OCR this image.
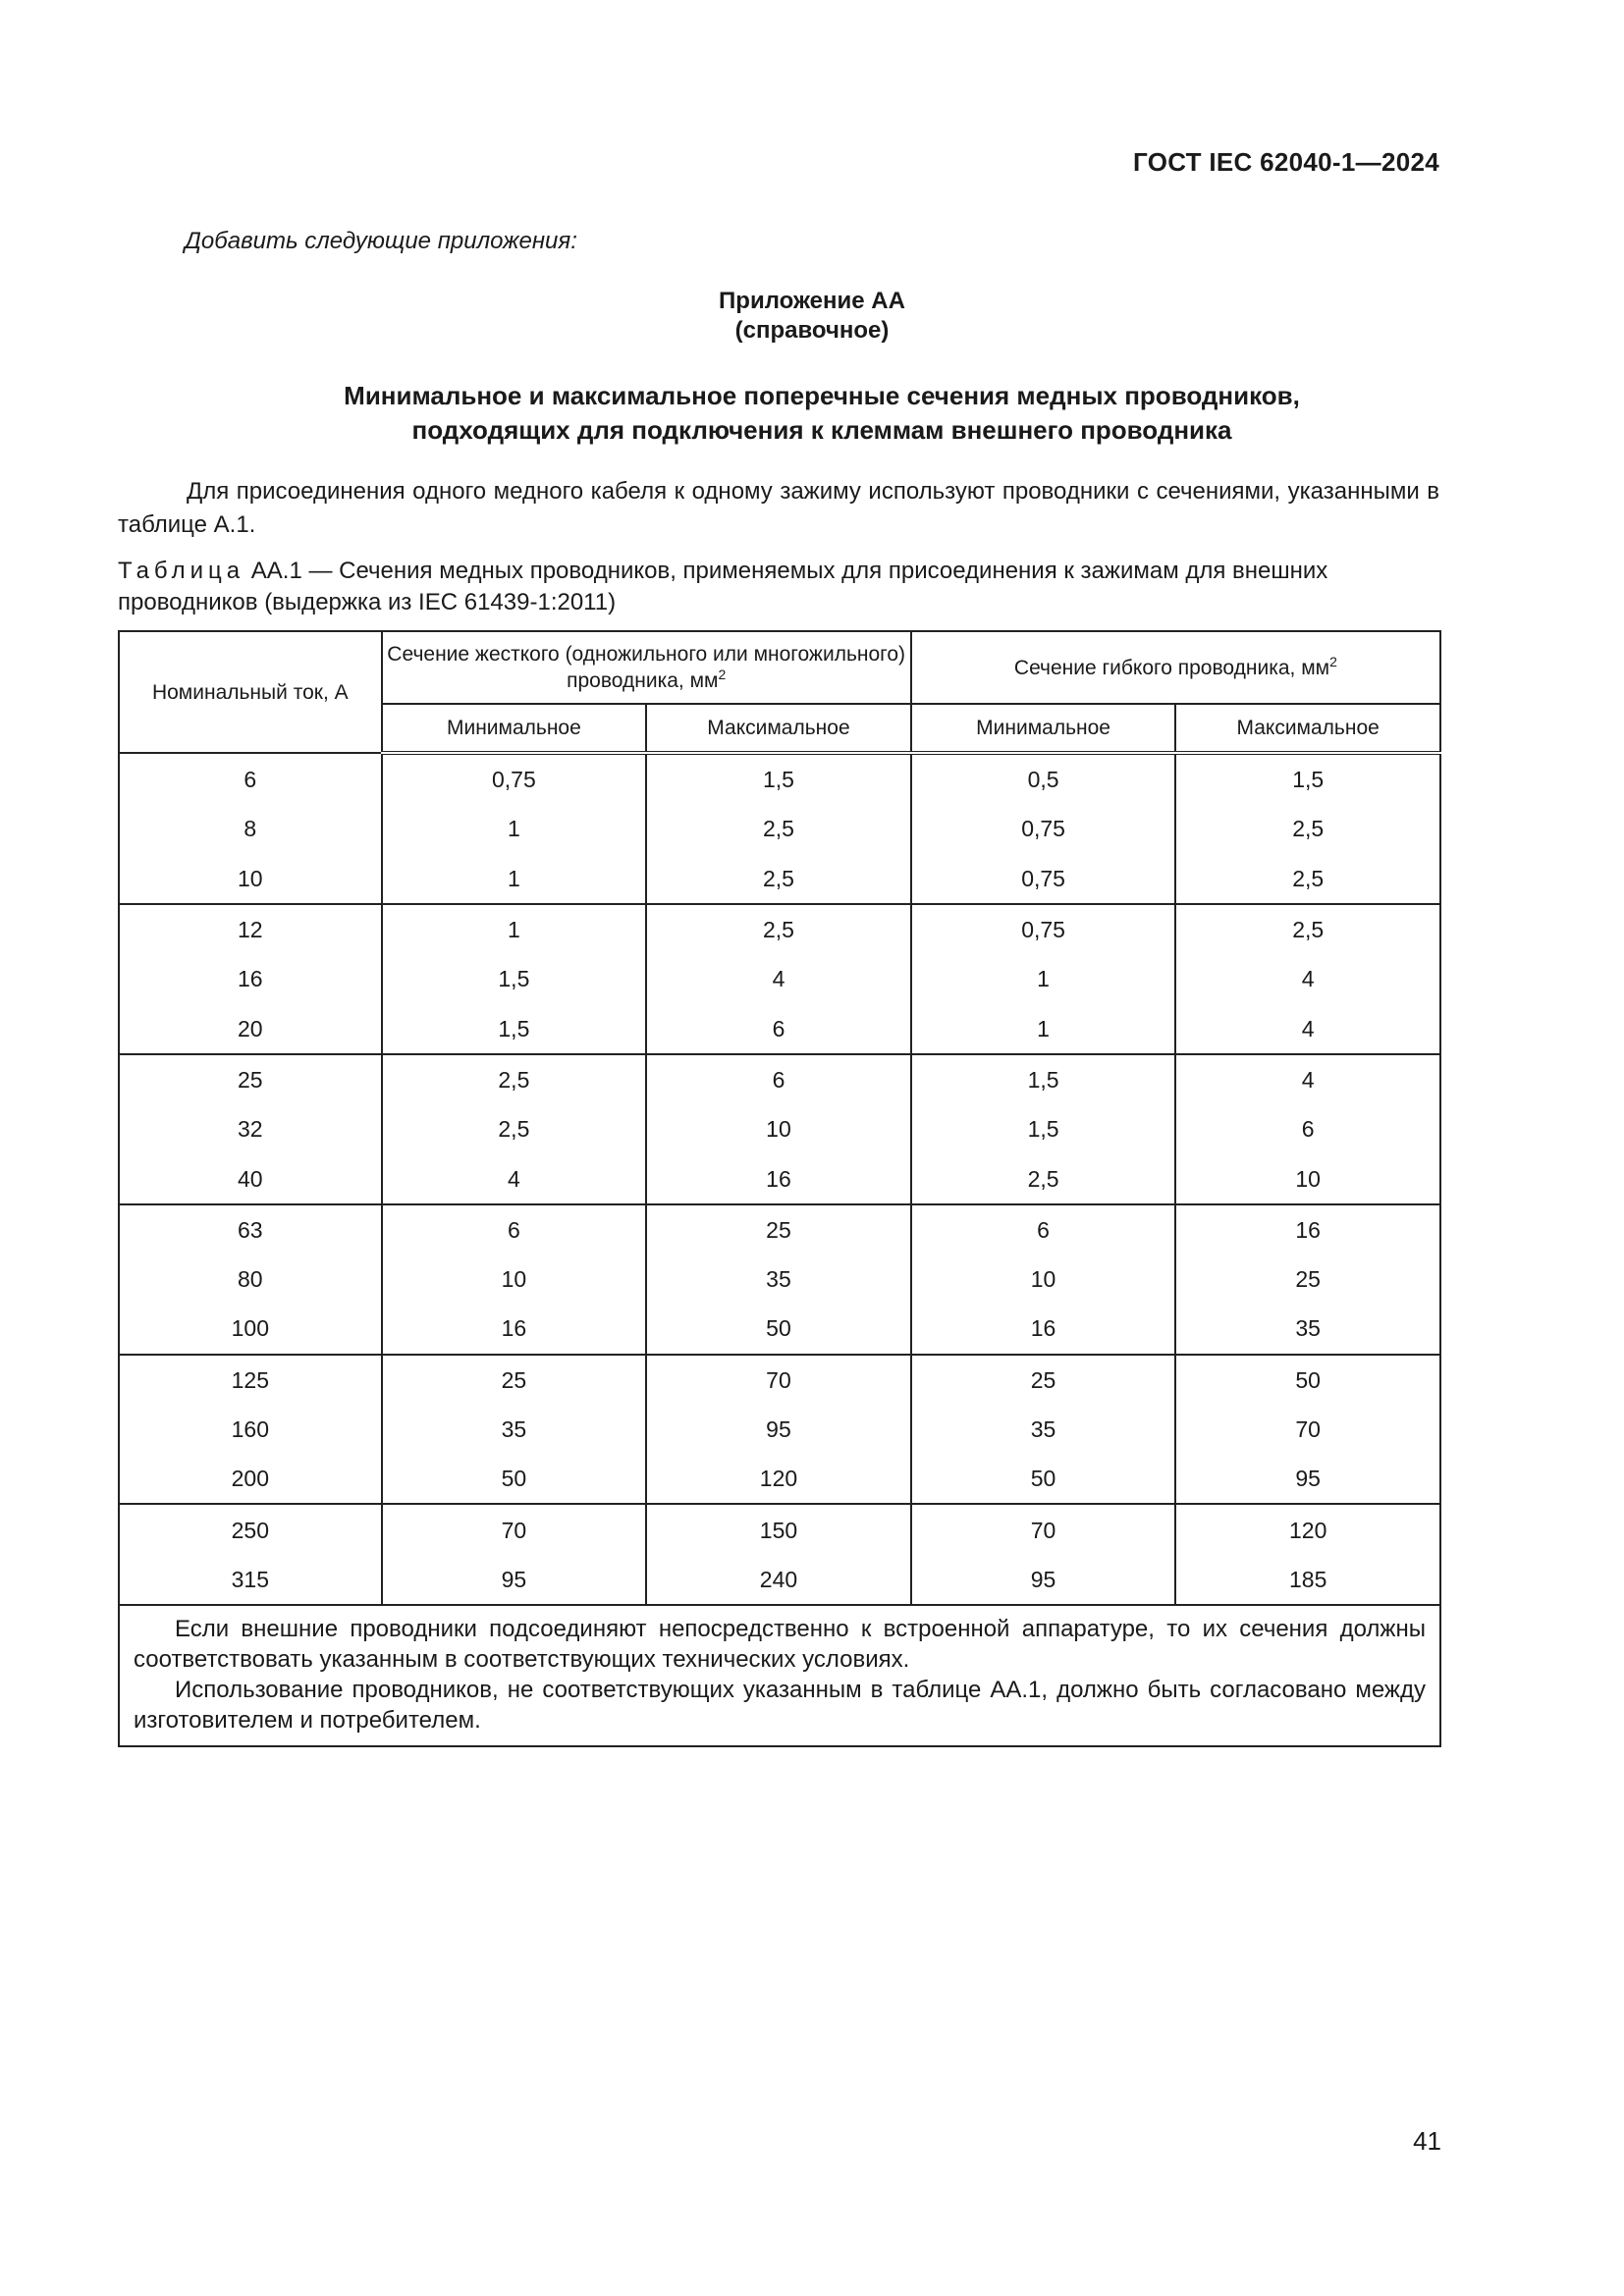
ГОСТ IEC 62040-1—2024
Добавить следующие приложения:
Приложение АА
(справочное)
Минимальное и максимальное поперечные сечения медных проводников,
подходящих для подключения к клеммам внешнего проводника
Для присоединения одного медного кабеля к одному зажиму используют проводники с сечениями, указанными в таблице А.1.
Таблица АА.1 — Сечения медных проводников, применяемых для присоединения к зажимам для внешних проводников (выдержка из IEC 61439-1:2011)
Номинальный ток, А	Сечение жесткого (одножильного или многожильного) проводника, $мм^2$		Сечение гибкого проводника, $мм^2$
	Минимальное	Максимальное	Минимальное	Максимальное
6	0,75	1,5	0,5	1,5
8	1	2,5	0,75	2,5
10	1	2,5	0,75	2,5
12	1	2,5	0,75	2,5
16	1,5	4	1	4
20	1,5	6	1	4
25	2,5	6	1,5	4
32	2,5	10	1,5	6
40	4	16	2,5	10
63	6	25	6	16
80	10	35	10	25
100	16	50	16	35
125	25	70	25	50
160	35	95	35	70
200	50	120	50	95
250	70	150	70	120
315	95	240	95	185

Если внешние проводники подсоединяют непосредственно к встроенной аппаратуре, то их сечения должны соответствовать указанным в соответствующих технических условиях.
Использование проводников, не соответствующих указанным в таблице АА.1, должно быть согласовано между изготовителем и потребителем.				
41
